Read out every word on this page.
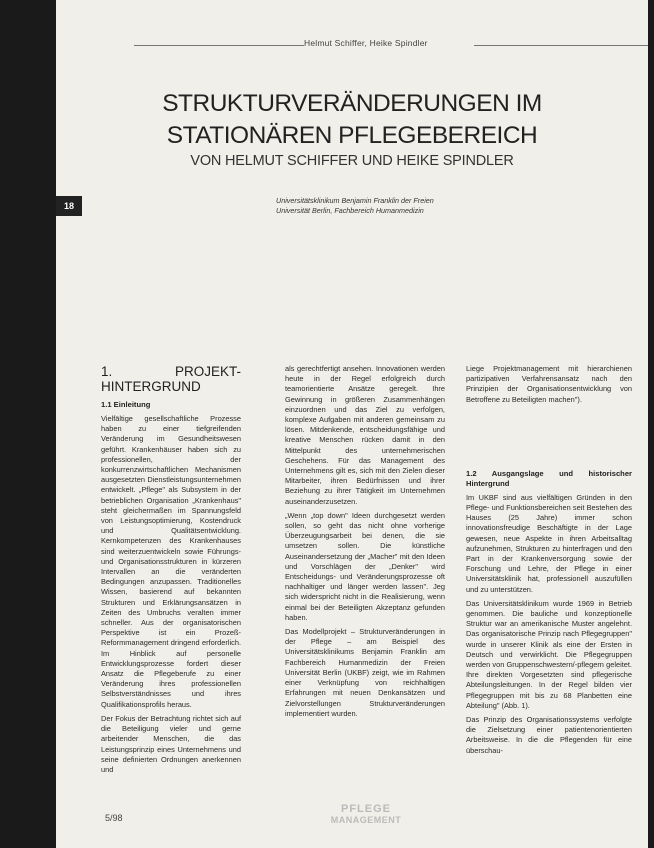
Helmut Schiffer, Heike Spindler
STRUKTURVERÄNDERUNGEN IM
STATIONÄREN PFLEGEBEREICH
VON HELMUT SCHIFFER UND HEIKE SPINDLER
18
Universitätsklinikum Benjamin Franklin der Freien Universität Berlin, Fachbereich Humanmedizin
1. PROJEKT-HINTERGRUND
1.1 Einleitung

Vielfältige gesellschaftliche Prozesse haben zu einer tiefgreifenden Veränderung im Gesundheitswesen geführt. Krankenhäuser haben sich zu professionellen, der konkurrenzwirtschaftlichen Mechanismen ausgesetzten Dienstleistungsunternehmen entwickelt. „Pflege" als Subsystem in der betrieblichen Organisation „Krankenhaus" steht gleichermaßen im Spannungsfeld von Leistungsoptimierung, Kostendruck und Qualitätsentwicklung. Kernkompetenzen des Krankenhauses sind weiterzuentwickeln sowie Führungs- und Organisationsstrukturen in kürzeren Intervallen an die veränderten Bedingungen anzupassen. Traditionelles Wissen, basierend auf bekannten Strukturen und Erklärungsansätzen in Zeiten des Umbruchs veralten immer schneller. Aus der organisatorischen Perspektive ist ein Prozeß-Reformmanagement dringend erforderlich. Im Hinblick auf personelle Entwicklungsprozesse fordert dieser Ansatz die Pflegeberufe zu einer Veränderung ihres professionellen Selbstverständnisses und ihres Qualifikationsprofils heraus.

Der Fokus der Betrachtung richtet sich auf die Beteiligung vieler und gerne arbeitender Menschen, die das Leistungsprinzip eines Unternehmens und seine definierten Ordnungen anerkennen und

als gerechtfertigt ansehen. Innovationen werden heute in der Regel erfolgreich durch teamorientierte Ansätze geregelt. Ihre Gewinnung in größeren Zusammenhängen einzuordnen und das Ziel zu verfolgen, komplexe Aufgaben mit anderen gemeinsam zu lösen. Mitdenkende, entscheidungsfähige und kreative Menschen rücken damit in den Mittelpunkt des unternehmerischen Geschehens. Für das Management des Unternehmens gilt es, sich mit den Zielen dieser Mitarbeiter, ihren Bedürfnissen und ihrer Beziehung zu ihrer Tätigkeit im Unternehmen auseinanderzusetzen.

„Wenn „top down" Ideen durchgesetzt werden sollen, so geht das nicht ohne vorherige Überzeugungsarbeit bei denen, die sie umsetzen sollen. Die künstliche Auseinandersetzung der „Macher" mit den Ideen und Vorschlägen der „Denker" wird Entscheidungs- und Veränderungsprozesse oft nachhaltiger und länger werden lassen". Jeg sich widerspricht nicht in die Realisierung, wenn einmal bei der Beteiligten Akzeptanz gefunden haben.

Das Modellprojekt – Strukturveränderungen in der Pflege – am Beispiel des Universitätsklinikums Benjamin Franklin am Fachbereich Humanmedizin der Freien Universität Berlin (UKBF) zeigt, wie im Rahmen einer Verknüpfung von reichhaltigen Erfahrungen mit neuen Denkansätzen und Zielvorstellungen Strukturveränderungen implementiert wurden.

Liege Projektmanagement mit hierarchienen partizipativen Verfahrensansatz nach den Prinzipien der Organisationsentwicklung von Betroffene zu Beteiligten machen").

1.2 Ausgangslage und historischer Hintergrund

Im UKBF sind aus vielfältigen Gründen in den Pflege- und Funktionsbereichen seit Bestehen des Hauses (25 Jahre) immer schon innovationsfreudige Beschäftigte in der Lage gewesen, neue Aspekte in ihren Arbeitsalltag aufzunehmen, Strukturen zu hinterfragen und den Part in der Krankenversorgung sowie der Forschung und Lehre, der Pflege in einer Universitätsklinik hat, professionell auszufüllen und zu unterstützen.

Das Universitätsklinikum wurde 1969 in Betrieb genommen. Die bauliche und konzeptionelle Struktur war an amerikanische Muster angelehnt. Das organisatorische Prinzip nach Pflegegruppen" wurde in unserer Klinik als eine der Ersten in Deutsch und verwirklicht. Die Pflegegruppen werden von Gruppenschwestern/-pflegern geleitet. Ihre direkten Vorgesetzten sind pflegerische Abteilungsleitungen. In der Regel bilden vier Pflegegruppen mit bis zu 68 Planbetten eine Abteilung" (Abb. 1).

Das Prinzip des Organisationssystems verfolgte die Zielsetzung einer patientenorientierten Arbeitsweise. In die die Pflegenden für eine überschau-

5/98
PFLEGE
MANAGEMENT
